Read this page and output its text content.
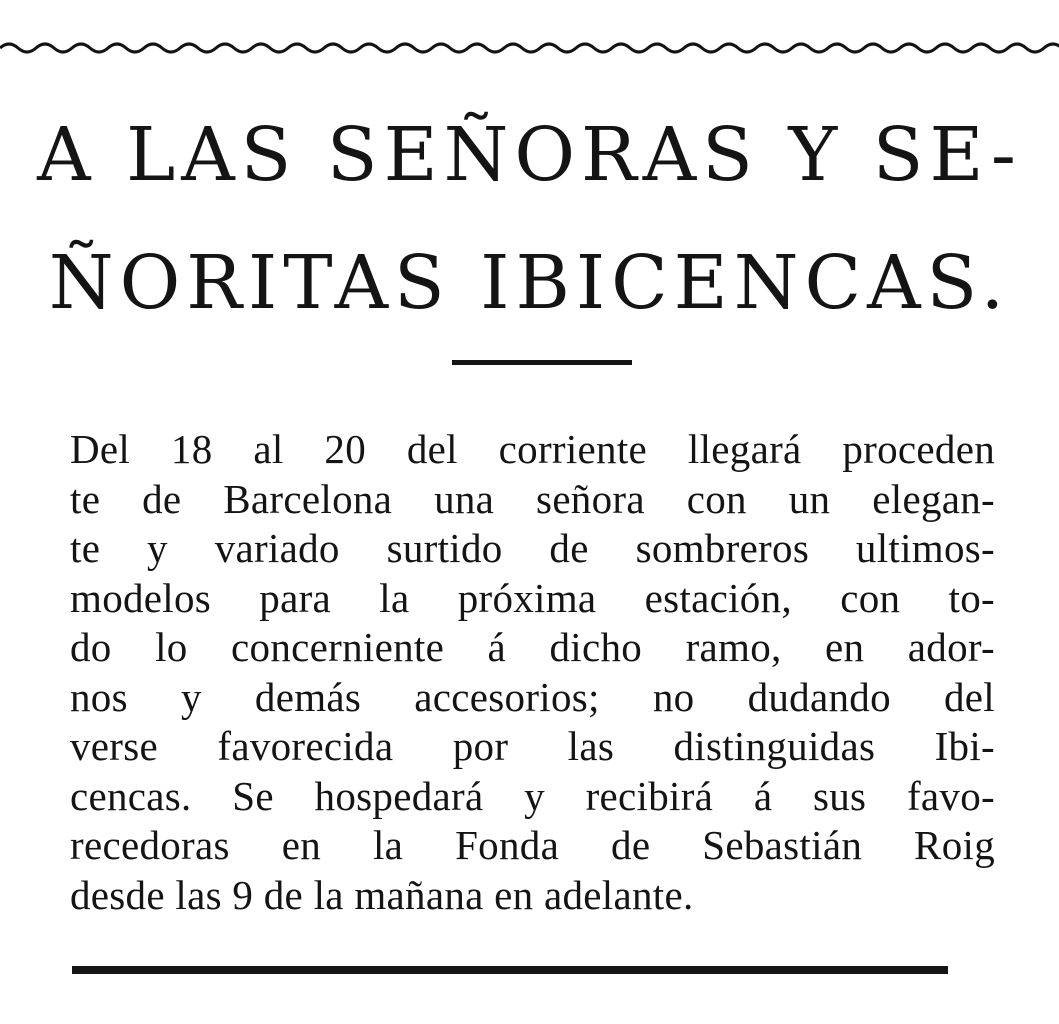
A LAS SEÑORAS Y SE-
ÑORITAS IBICENCAS.
Del 18 al 20 del corriente llegará proceden
te de Barcelona una señora con un elegan-
te y variado surtido de sombreros ultimos-
modelos para la próxima estación, con to-
do lo concerniente á dicho ramo, en ador-
nos y demás accesorios; no dudando del
verse favorecida por las distinguidas Ibi-
cencas. Se hospedará y recibirá á sus favo-
recedoras en la Fonda de Sebastián Roig
desde las 9 de la mañana en adelante.
